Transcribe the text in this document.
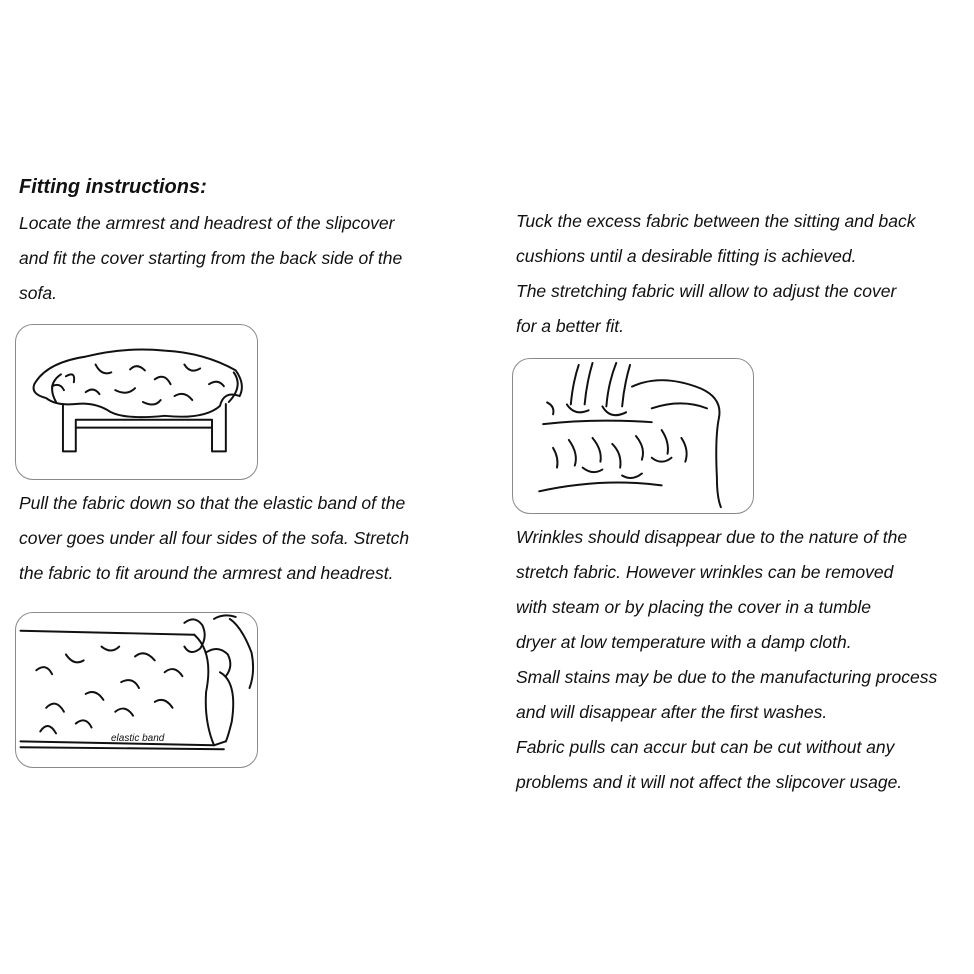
Fitting instructions:

Locate the armrest and headrest of the slipcover
and fit the cover starting from the back side of the
sofa.

Pull the fabric down so that the elastic band of the
cover goes under all four sides of the sofa. Stretch
the fabric to fit around the armrest and headrest.

elastic band

Tuck the excess fabric between the sitting and back
cushions until a desirable fitting is achieved.
The stretching fabric will allow to adjust the cover
for a better fit.

Wrinkles should disappear due to the nature of the
stretch fabric. However wrinkles can be removed
with steam or by placing the cover in a tumble
dryer at low temperature with a damp cloth.
Small stains may be due to the manufacturing process
and will disappear after the first washes.
Fabric pulls can accur but can be cut without any
problems and it will not affect the slipcover usage.
